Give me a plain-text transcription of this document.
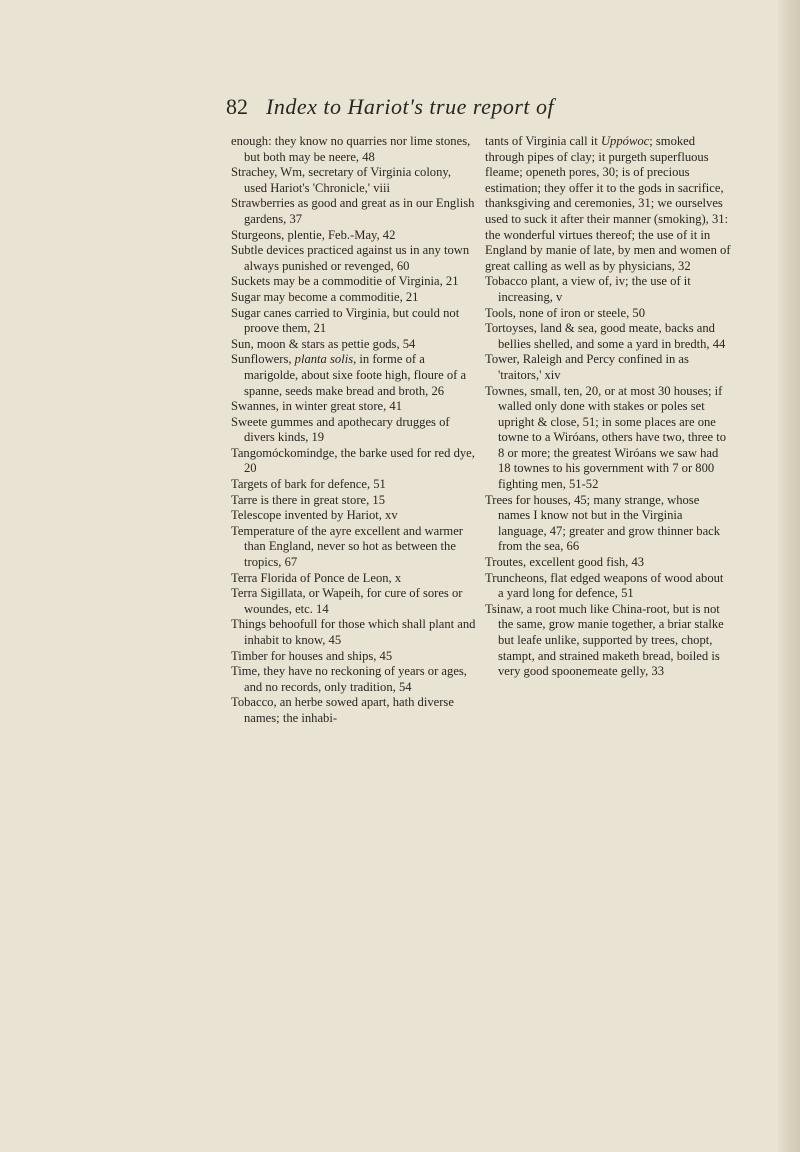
82 Index to Hariot's true report of

enough: they know no quarries nor lime stones, but both may be neere, 48

Strachey, Wm, secretary of Virginia colony, used Hariot's 'Chronicle,' viii

Strawberries as good and great as in our English gardens, 37

Sturgeons, plentie, Feb.-May, 42

Subtle devices practiced against us in any town always punished or revenged, 60

Suckets may be a commoditie of Virginia, 21

Sugar may become a commoditie, 21

Sugar canes carried to Virginia, but could not proove them, 21

Sun, moon & stars as pettie gods, 54

Sunflowers, planta solis, in forme of a marigolde, about sixe foote high, floure of a spanne, seeds make bread and broth, 26

Swannes, in winter great store, 41

Sweete gummes and apothecary drugges of divers kinds, 19

Tangomóckomindge, the barke used for red dye, 20

Targets of bark for defence, 51

Tarre is there in great store, 15

Telescope invented by Hariot, xv

Temperature of the ayre excellent and warmer than England, never so hot as between the tropics, 67

Terra Florida of Ponce de Leon, x

Terra Sigillata, or Wapeih, for cure of sores or woundes, etc. 14

Things behoofull for those which shall plant and inhabit to know, 45

Timber for houses and ships, 45

Time, they have no reckoning of years or ages, and no records, only tradition, 54

Tobacco, an herbe sowed apart, hath diverse names; the inhabi-

tants of Virginia call it Uppówoc; smoked through pipes of clay; it purgeth superfluous fleame; openeth pores, 30; is of precious estimation; they offer it to the gods in sacrifice, thanksgiving and ceremonies, 31; we ourselves used to suck it after their manner (smoking), 31: the wonderful virtues thereof; the use of it in England by manie of late, by men and women of great calling as well as by physicians, 32

Tobacco plant, a view of, iv; the use of it increasing, v

Tools, none of iron or steele, 50

Tortoyses, land & sea, good meate, backs and bellies shelled, and some a yard in bredth, 44

Tower, Raleigh and Percy confined in as 'traitors,' xiv

Townes, small, ten, 20, or at most 30 houses; if walled only done with stakes or poles set upright & close, 51; in some places are one towne to a Wiróans, others have two, three to 8 or more; the greatest Wiróans we saw had 18 townes to his government with 7 or 800 fighting men, 51-52

Trees for houses, 45; many strange, whose names I know not but in the Virginia language, 47; greater and grow thinner back from the sea, 66

Troutes, excellent good fish, 43

Truncheons, flat edged weapons of wood about a yard long for defence, 51

Tsinaw, a root much like China-root, but is not the same, grow manie together, a briar stalke but leafe unlike, supported by trees, chopt, stampt, and strained maketh bread, boiled is very good spoonemeate gelly, 33
